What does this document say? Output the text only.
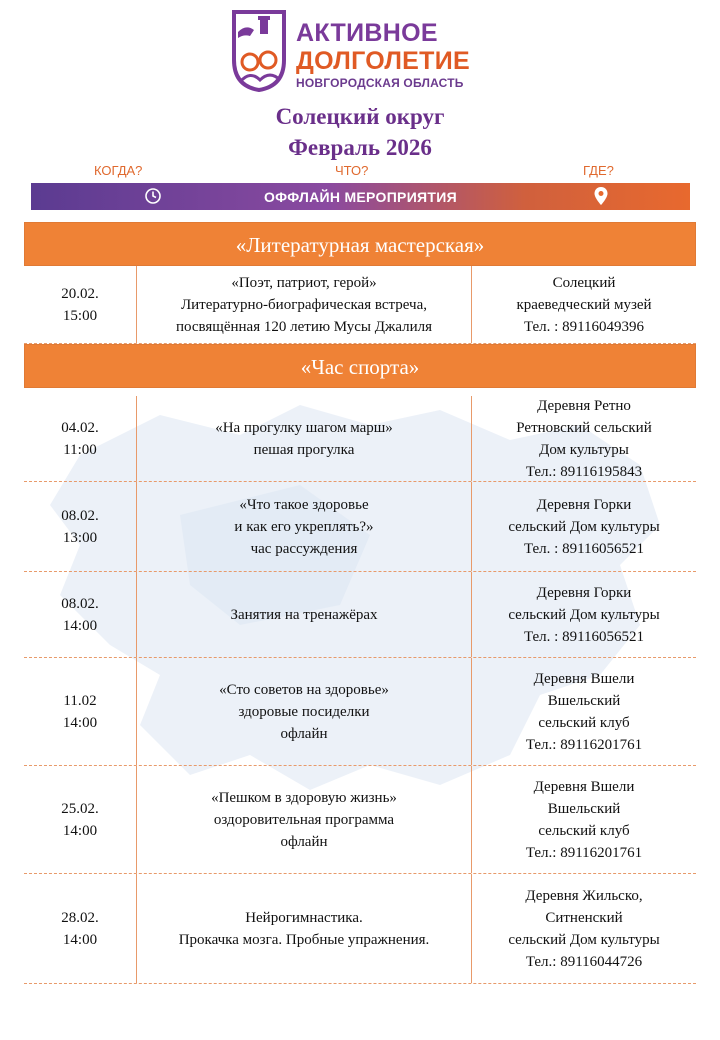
АКТИВНОЕ
ДОЛГОЛЕТИЕ
НОВГОРОДСКАЯ ОБЛАСТЬ
Солецкий округ
Февраль 2026
КОГДА?	ЧТО?	ГДЕ?
ОФФЛАЙН МЕРОПРИЯТИЯ
«Литературная мастерская»
20.02.
15:00
«Поэт, патриот, герой»
Литературно-биографическая встреча,
посвящённая 120 летию Мусы Джалиля
Солецкий
краеведческий музей
Тел. : 89116049396
«Час спорта»
04.02.
11:00
«На прогулку шагом марш»
пешая прогулка
Деревня Ретно
Ретновский сельский
Дом культуры
Тел.: 89116195843
08.02.
13:00
«Что такое здоровье
и как его укреплять?»
час рассуждения
Деревня Горки
сельский Дом культуры
Тел. : 89116056521
08.02.
14:00
Занятия на тренажёрах
Деревня Горки
сельский Дом культуры
Тел. : 89116056521
11.02
14:00
«Сто советов на здоровье»
здоровые посиделки
офлайн
Деревня Вшели
Вшельский
сельский клуб
Тел.: 89116201761
25.02.
14:00
«Пешком в здоровую жизнь»
оздоровительная программа
офлайн
Деревня Вшели
Вшельский
сельский клуб
Тел.: 89116201761
28.02.
14:00
Нейрогимнастика.
Прокачка мозга. Пробные упражнения.
Деревня Жильско,
Ситненский
сельский Дом культуры
Тел.: 89116044726
